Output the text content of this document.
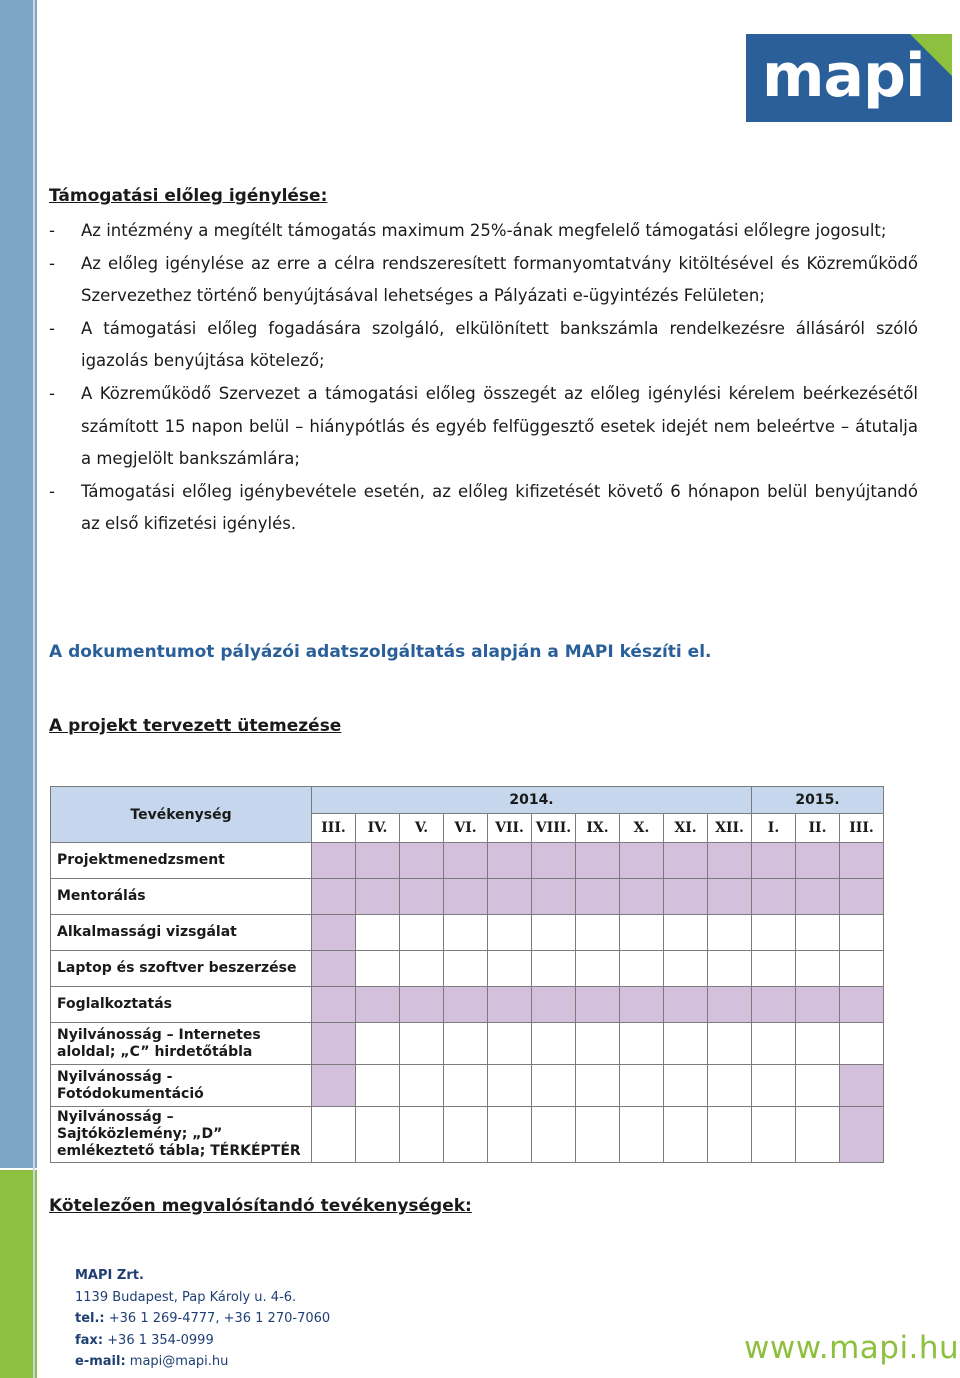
mapi
Támogatási előleg igénylése:
- Az intézmény a megítélt támogatás maximum 25%-ának megfelelő támogatási előlegre jogosult;
- Az előleg igénylése az erre a célra rendszeresített formanyomtatvány kitöltésével és Közreműködő Szervezethez történő benyújtásával lehetséges a Pályázati e-ügyintézés Felületen;
- A támogatási előleg fogadására szolgáló, elkülönített bankszámla rendelkezésre állásáról szóló igazolás benyújtása kötelező;
- A Közreműködő Szervezet a támogatási előleg összegét az előleg igénylési kérelem beérkezésétől számított 15 napon belül – hiánypótlás és egyéb felfüggesztő esetek idejét nem beleértve – átutalja a megjelölt bankszámlára;
- Támogatási előleg igénybevétele esetén, az előleg kifizetését követő 6 hónapon belül benyújtandó az első kifizetési igénylés.
A dokumentumot pályázói adatszolgáltatás alapján a MAPI készíti el.
A projekt tervezett ütemezése
Tevékenység	2014.										2015.		
	III.	IV.	V.	VI.	VII.	VIII.	IX.	X.	XI.	XII.	I.	II.	III.
Projektmenedzsment													
Mentorálás													
Alkalmassági vizsgálat													
Laptop és szoftver beszerzése													
Foglalkoztatás													
Nyilvánosság – Internetes aloldal; „C” hirdetőtábla													
Nyilvánosság - Fotódokumentáció													
Nyilvánosság – Sajtóközlemény; „D” emlékeztető tábla; TÉRKÉPTÉR													
Kötelezően megvalósítandó tevékenységek:
MAPI Zrt.
1139 Budapest, Pap Károly u. 4-6.
tel.: +36 1 269-4777, +36 1 270-7060
fax: +36 1 354-0999
e-mail: mapi@mapi.hu	www.mapi.hu
